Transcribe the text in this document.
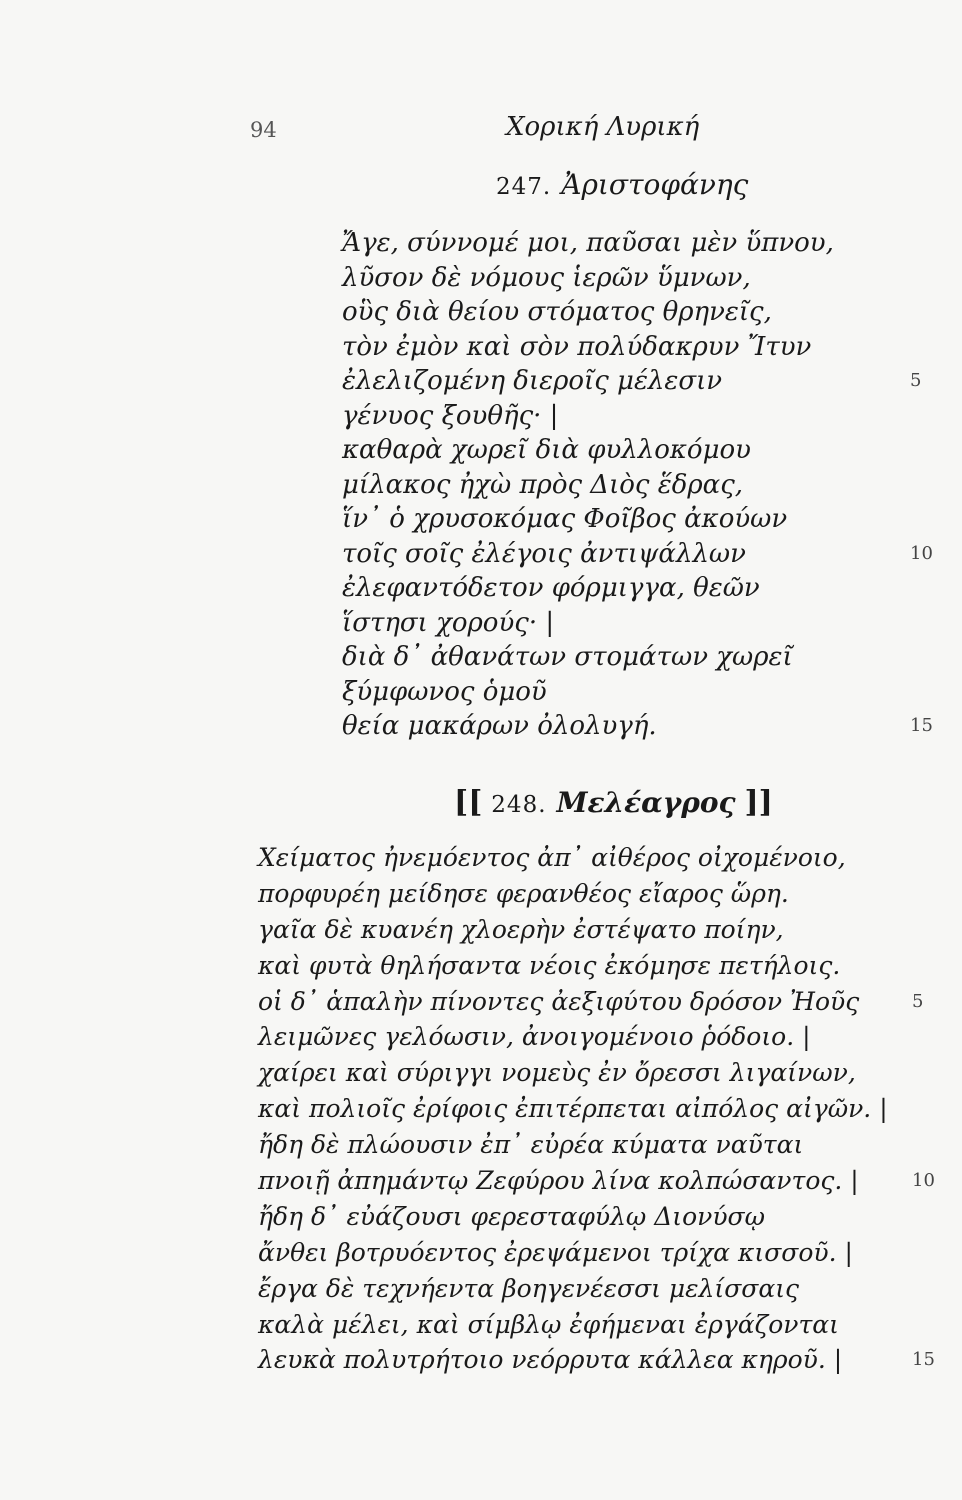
94	Χορική Λυρική
247. Ἀριστοφάνης
Ἄγε, σύννομέ μοι, παῦσαι μὲν ὕπνου,
λῦσον δὲ νόμους ἱερῶν ὕμνων,
οὓς διὰ θείου στόματος θρηνεῖς,
τὸν ἐμὸν καὶ σὸν πολύδακρυν Ἴτυν
ἐλελιζομένη διεροῖς μέλεσιν	5
γένυος ξουθῆς· |
καθαρὰ χωρεῖ διὰ φυλλοκόμου
μίλακος ἠχὼ πρὸς Διὸς ἕδρας,
ἵν᾽ ὁ χρυσοκόμας Φοῖβος ἀκούων
τοῖς σοῖς ἐλέγοις ἀντιψάλλων	10
ἐλεφαντόδετον φόρμιγγα, θεῶν
ἵστησι χορούς· |
διὰ δ᾽ ἀθανάτων στομάτων χωρεῖ
ξύμφωνος ὁμοῦ
θεία μακάρων ὀλολυγή.	15
[[ 248. Μελέαγρος ]]
Χείματος ἠνεμόεντος ἀπ᾽ αἰθέρος οἰχομένοιο,
πορφυρέη μείδησε φερανθέος εἴαρος ὥρη.
γαῖα δὲ κυανέη χλοερὴν ἐστέψατο ποίην,
καὶ φυτὰ θηλήσαντα νέοις ἐκόμησε πετήλοις.
οἱ δ᾽ ἁπαλὴν πίνοντες ἀεξιφύτου δρόσον Ἠοῦς	5
λειμῶνες γελόωσιν, ἀνοιγομένοιο ῥόδοιο. |
χαίρει καὶ σύριγγι νομεὺς ἐν ὄρεσσι λιγαίνων,
καὶ πολιοῖς ἐρίφοις ἐπιτέρπεται αἰπόλος αἰγῶν. |
ἤδη δὲ πλώουσιν ἐπ᾽ εὐρέα κύματα ναῦται
πνοιῇ ἀπημάντῳ Ζεφύρου λίνα κολπώσαντος. |	10
ἤδη δ᾽ εὐάζουσι φερεσταφύλῳ Διονύσῳ
ἄνθει βοτρυόεντος ἐρεψάμενοι τρίχα κισσοῦ. |
ἔργα δὲ τεχνήεντα βοηγενέεσσι μελίσσαις
καλὰ μέλει, καὶ σίμβλῳ ἐφήμεναι ἐργάζονται
λευκὰ πολυτρήτοιο νεόρρυτα κάλλεα κηροῦ. |	15
